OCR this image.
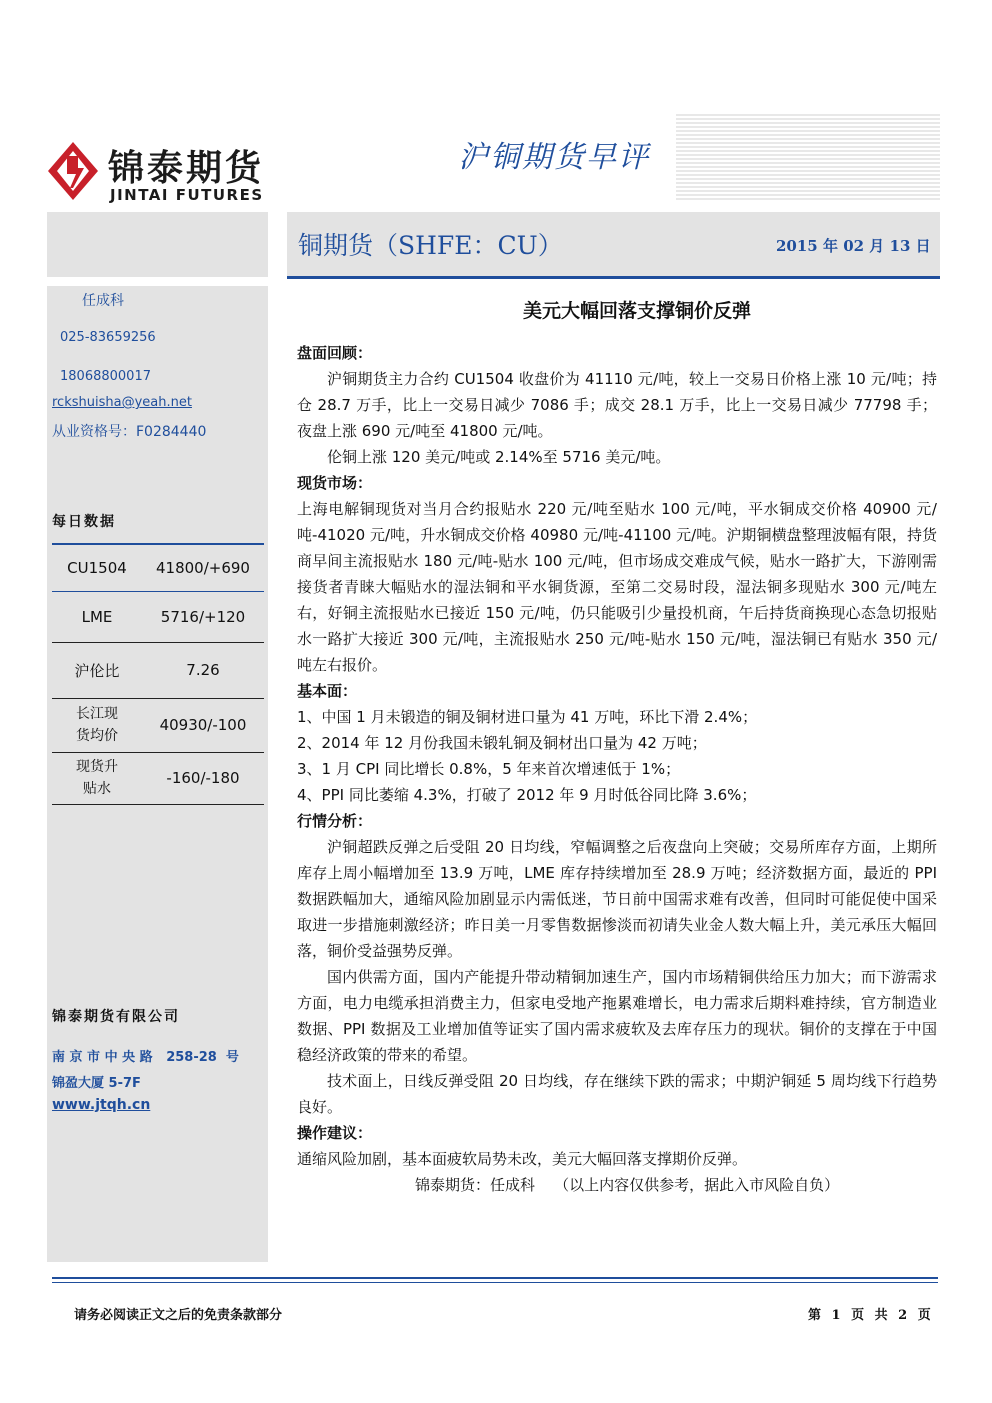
锦泰期货
JINTAI FUTURES
沪铜期货早评
任成科
025-83659256
18068800017
rckshuisha@yeah.net
从业资格号：F0284440
每日数据
CU1504	41800/+690
LME	5716/+120
沪伦比	7.26
长江现
货均价	40930/-100
现货升
贴水	-160/-180
锦泰期货有限公司
南 京 市 中 央 路   258-28  号
锦盈大厦 5-7F
www.jtqh.cn
铜期货（SHFE：CU）	2015 年 02 月 13 日
美元大幅回落支撑铜价反弹
盘面回顾：

沪铜期货主力合约 CU1504 收盘价为 41110 元/吨，较上一交易日价格上涨 10 元/吨；持仓 28.7 万手，比上一交易日减少 7086 手；成交 28.1 万手，比上一交易日减少 77798 手；夜盘上涨 690 元/吨至 41800 元/吨。

伦铜上涨 120 美元/吨或 2.14%至 5716 美元/吨。

现货市场：

上海电解铜现货对当月合约报贴水 220 元/吨至贴水 100 元/吨，平水铜成交价格 40900 元/吨-41020 元/吨，升水铜成交价格 40980 元/吨-41100 元/吨。沪期铜横盘整理波幅有限，持货商早间主流报贴水 180 元/吨-贴水 100 元/吨，但市场成交难成气候，贴水一路扩大，下游刚需接货者青睐大幅贴水的湿法铜和平水铜货源，至第二交易时段，湿法铜多现贴水 300 元/吨左右，好铜主流报贴水已接近 150 元/吨，仍只能吸引少量投机商，午后持货商换现心态急切报贴水一路扩大接近 300 元/吨，主流报贴水 250 元/吨-贴水 150 元/吨，湿法铜已有贴水 350 元/吨左右报价。

基本面：
1、中国 1 月未锻造的铜及铜材进口量为 41 万吨，环比下滑 2.4%；
2、2014 年 12 月份我国未锻轧铜及铜材出口量为 42 万吨；
3、1 月 CPI 同比增长 0.8%，5 年来首次增速低于 1%；
4、PPI 同比萎缩 4.3%，打破了 2012 年 9 月时低谷同比降 3.6%；
行情分析：

沪铜超跌反弹之后受阻 20 日均线，窄幅调整之后夜盘向上突破；交易所库存方面，上期所库存上周小幅增加至 13.9 万吨，LME 库存持续增加至 28.9 万吨；经济数据方面，最近的 PPI 数据跌幅加大，通缩风险加剧显示内需低迷，节日前中国需求难有改善，但同时可能促使中国采取进一步措施刺激经济；昨日美一月零售数据惨淡而初请失业金人数大幅上升，美元承压大幅回落，铜价受益强势反弹。

国内供需方面，国内产能提升带动精铜加速生产，国内市场精铜供给压力加大；而下游需求方面，电力电缆承担消费主力，但家电受地产拖累难增长，电力需求后期料难持续，官方制造业数据、PPI 数据及工业增加值等证实了国内需求疲软及去库存压力的现状。铜价的支撑在于中国稳经济政策的带来的希望。

技术面上，日线反弹受阻 20 日均线，存在继续下跌的需求；中期沪铜延 5 周均线下行趋势良好。

操作建议：

通缩风险加剧，基本面疲软局势未改，美元大幅回落支撑期价反弹。

锦泰期货：任成科    （以上内容仅供参考，据此入市风险自负）
请务必阅读正文之后的免责条款部分	第 1 页 共 2 页
